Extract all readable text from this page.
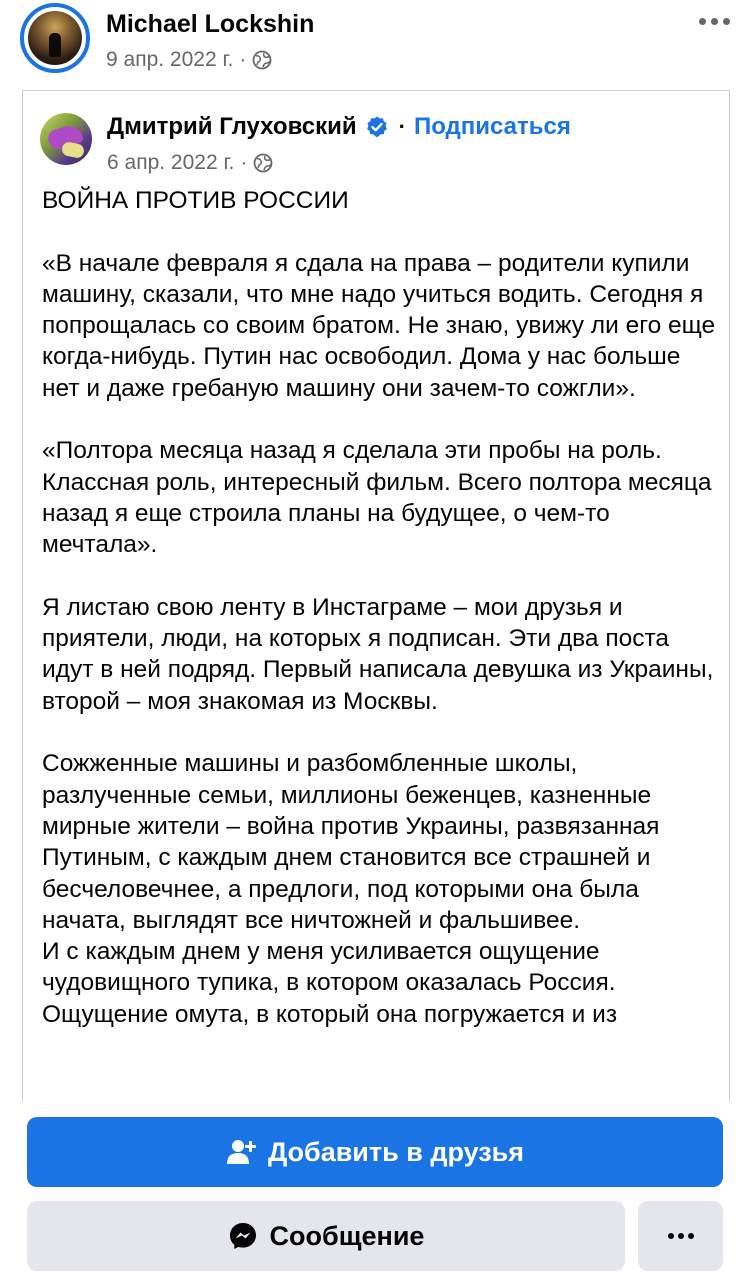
Michael Lockshin
9 апр. 2022 г. ·
Дмитрий Глуховский · Подписаться
6 апр. 2022 г. ·

ВОЙНА ПРОТИВ РОССИИ

«В начале февраля я сдала на права – родители купили машину, сказали, что мне надо учиться водить. Сегодня я попрощалась со своим братом. Не знаю, увижу ли его еще когда-нибудь. Путин нас освободил. Дома у нас больше нет и даже гребаную машину они зачем-то сожгли».

«Полтора месяца назад я сделала эти пробы на роль. Классная роль, интересный фильм. Всего полтора месяца назад я еще строила планы на будущее, о чем-то мечтала».

Я листаю свою ленту в Инстаграме – мои друзья и приятели, люди, на которых я подписан. Эти два поста идут в ней подряд. Первый написала девушка из Украины, второй – моя знакомая из Москвы.

Сожженные машины и разбомбленные школы, разлученные семьи, миллионы беженцев, казненные мирные жители – война против Украины, развязанная Путиным, с каждым днем становится все страшней и бесчеловечнее, а предлоги, под которыми она была начата, выглядят все ничтожней и фальшивее.

И с каждым днем у меня усиливается ощущение чудовищного тупика, в котором оказалась Россия. Ощущение омута, в который она погружается и из

Добавить в друзья
Сообщение
